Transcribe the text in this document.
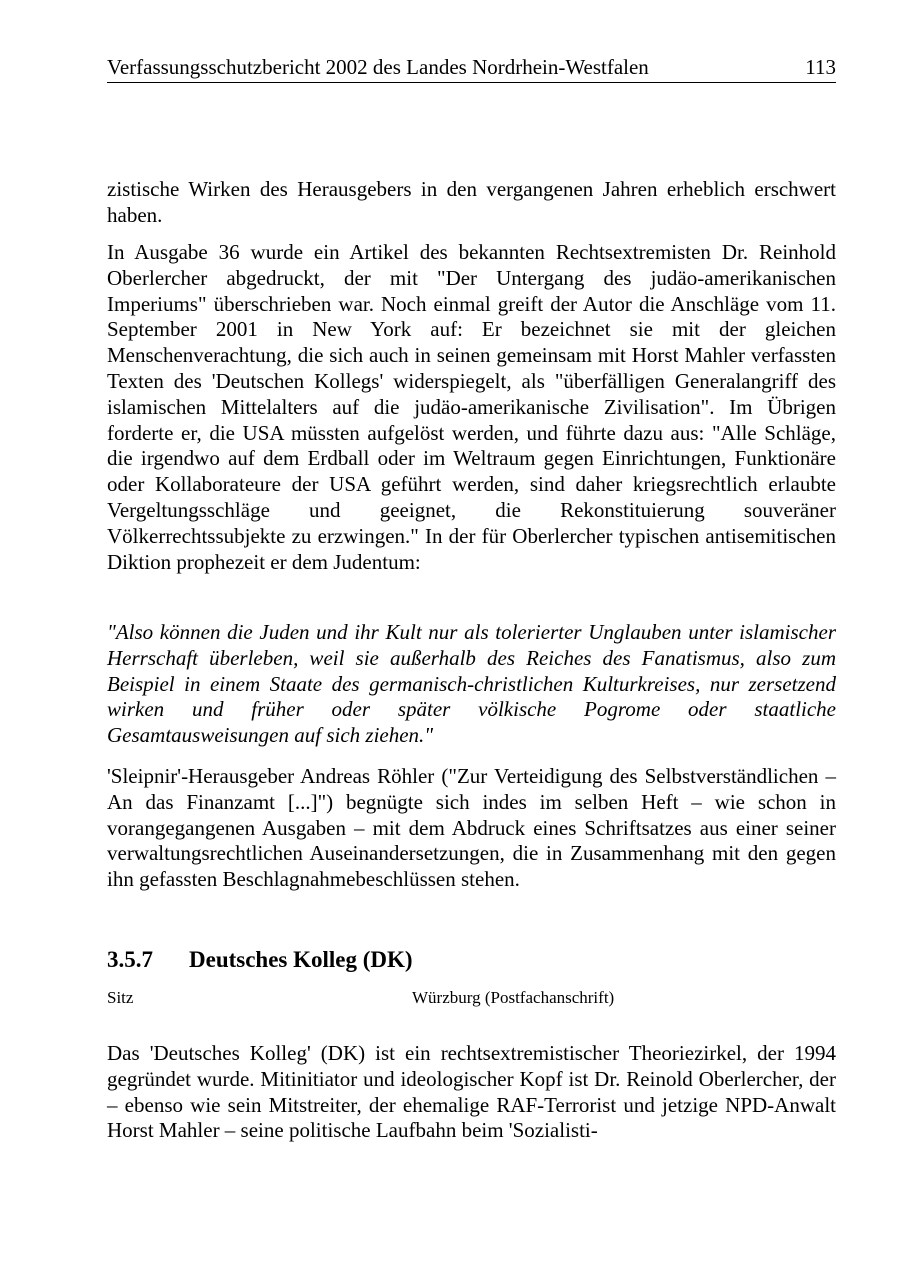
Verfassungsschutzbericht 2002 des Landes Nordrhein-Westfalen	113

zistische Wirken des Herausgebers in den vergangenen Jahren erheblich erschwert haben.

In Ausgabe 36 wurde ein Artikel des bekannten Rechtsextremisten Dr. Reinhold Oberlercher abgedruckt, der mit "Der Untergang des judäo-amerikanischen Imperiums" überschrieben war. Noch einmal greift der Autor die Anschläge vom 11. September 2001 in New York auf: Er bezeichnet sie mit der gleichen Menschenverachtung, die sich auch in seinen gemeinsam mit Horst Mahler verfassten Texten des 'Deutschen Kollegs' widerspiegelt, als "überfälligen Generalangriff des islamischen Mittelalters auf die judäo-amerikanische Zivilisation". Im Übrigen forderte er, die USA müssten aufgelöst werden, und führte dazu aus: "Alle Schläge, die irgendwo auf dem Erdball oder im Weltraum gegen Einrichtungen, Funktionäre oder Kollaborateure der USA geführt werden, sind daher kriegsrechtlich erlaubte Vergeltungsschläge und geeignet, die Rekonstituierung souveräner Völkerrechtssubjekte zu erzwingen." In der für Oberlercher typischen antisemitischen Diktion prophezeit er dem Judentum:

"Also können die Juden und ihr Kult nur als tolerierter Unglauben unter islamischer Herrschaft überleben, weil sie außerhalb des Reiches des Fanatismus, also zum Beispiel in einem Staate des germanisch-christlichen Kulturkreises, nur zersetzend wirken und früher oder später völkische Pogrome oder staatliche Gesamtausweisungen auf sich ziehen."

'Sleipnir'-Herausgeber Andreas Röhler ("Zur Verteidigung des Selbstverständlichen – An das Finanzamt [...]") begnügte sich indes im selben Heft – wie schon in vorangegangenen Ausgaben – mit dem Abdruck eines Schriftsatzes aus einer seiner verwaltungsrechtlichen Auseinandersetzungen, die in Zusammenhang mit den gegen ihn gefassten Beschlagnahmebeschlüssen stehen.

3.5.7 Deutsches Kolleg (DK)
Sitz	Würzburg (Postfachanschrift)

Das 'Deutsches Kolleg' (DK) ist ein rechtsextremistischer Theoriezirkel, der 1994 gegründet wurde. Mitinitiator und ideologischer Kopf ist Dr. Reinold Oberlercher, der – ebenso wie sein Mitstreiter, der ehemalige RAF-Terrorist und jetzige NPD-Anwalt Horst Mahler – seine politische Laufbahn beim 'Sozialisti-
